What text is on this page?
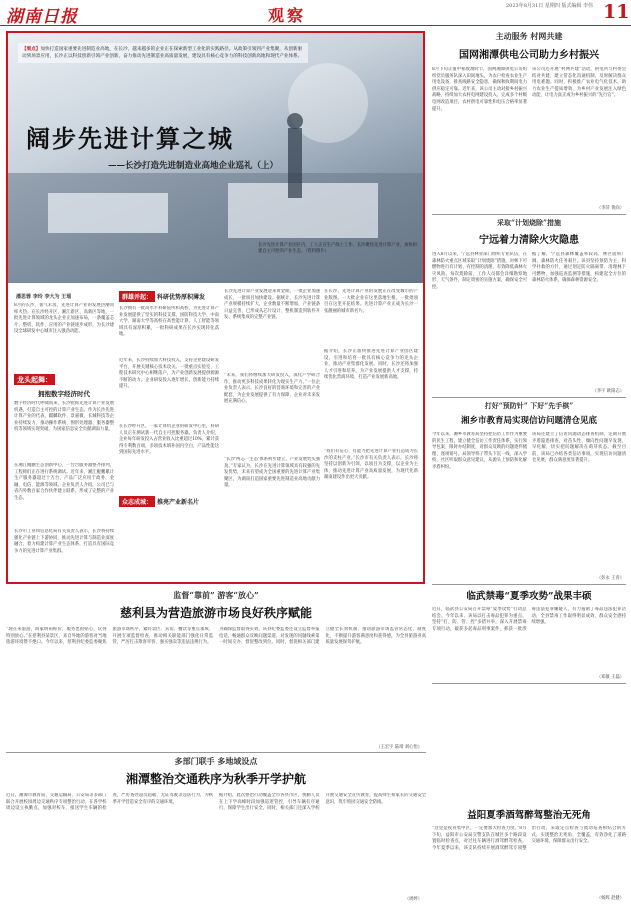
湖南日报	观察	2023年8月31日 星期四 版式编辑 李伟 11
【看点】加快打造国家重要先进制造业高地，在长沙，越来越多的企业正在探索新型工业化的实践路径。从政策引领到产业集聚，从创新驱动到场景应用，长沙正以科技创新引领产业创新，奋力推动先进制造业高质量发展，建设具有核心竞争力的科技创新高地和现代产业体系。
阔步先进计算之城
——长沙打造先进制造业高地企业巡礼（上）
长沙先进计算产业园区内，工人正在生产线上工作。长沙聚焦先进计算产业，加快构建自主可控的产业生态。（资料图片）
潘思蓉 李玲 李大为 王瑶

8月的长沙，暑气未消，先进计算产业的发展热潮同样火热。在长沙经开区、湘江新区、高新区等地，一批先进计算领域的龙头企业正加速布局，一条覆盖芯片、整机、软件、应用的产业链逐步成形，为长沙建设全球研发中心城市注入强劲动能。

龙头起舞：
拥抱数字经济时代

数字经济时代呼啸而来，长沙抢抓先进计算产业发展机遇，打造自主可控的计算产业生态。作为长沙先进计算产业的代表，麒麟软件、景嘉微、长城科技等企业持续发力，推动操作系统、图形处理器、服务器整机等领域实现突破，为国家信息安全贡献湖南力量。

在湘江鲲鹏生态创新中心，一台台服务器整齐排列，工程师们正在进行系统调试。近年来，湘江鲲鹏累计生产服务器超过十万台，产品广泛应用于政务、金融、电信、能源等领域。企业负责人介绍，公司已与省内外数百家合作伙伴建立联系，形成了完整的产业生态。

长沙市工业和信息化局有关负责人表示，长沙将持续强化产业链上下游协同，推动先进计算与制造业深度融合，着力构建计算产业生态体系，打造具有国际竞争力的先进计算产业集群。

群雄并起： 科研优势厚积薄发

长沙拥有一批高水平科研院所和高校，为先进计算产业发展提供了坚实的科技支撑。国防科技大学、中南大学、湖南大学等高校在高性能计算、人工智能等领域具有深厚积累，一批科研成果在长沙实现转化落地。

近年来，长沙持续加大科技投入，支持企业建设研发平台，开展关键核心技术攻关。一批重点实验室、工程技术研究中心相继落户，为产业创新发展提供源源不断的动力。企业研发投入逐年增长，创新能力持续提升。

在长沙经开区，一家计算机企业的研发中心里，科研人员正在测试新一代自主可控服务器。负责人介绍，企业每年研发投入占营业收入比重超过10%，累计获得专利数百项，多项技术填补国内空白，产品性能达到国际先进水平。

众志成城： 推亮产业新名片

长沙先进计算产业发展迎来黄金期，一批企业加速成长，一批项目加快建设。据统计，长沙先进计算产业规模持续扩大，企业数量不断增加，产业链条日益完善，已形成从芯片设计、整机制造到软件开发、系统集成的完整产业链。

“未来，我们将继续加大研发投入，深化产学研合作，推动更多科技成果转化为现实生产力。”一位企业负责人表示，长沙良好的营商环境和完善的产业配套，为企业发展提供了有力保障，企业对未来发展充满信心。

“长沙‘两芯一生态’体系初步建立，产业发展势头强劲。”专家认为，长沙在先进计算领域具有较强的先发优势，未来有望成为全国重要的先进计算产业集聚区，为湖南打造国家重要先进制造业高地贡献力量。

在长沙，先进计算产业的发展正在改变城市的产业版图。一大批企业在这里落地生根，一批批项目在这里开花结果。先进计算产业正成为长沙一张靓丽的城市新名片。

据介绍，长沙正加快推进先进计算产业园区建设，引进和培育一批具有核心竞争力的龙头企业，推动产业集群化发展。同时，长沙还将加强人才引进和培养，为产业发展提供人才支撑，持续优化营商环境，打造产业发展新高地。

“我们有信心、有能力把先进计算产业打造成为长沙的支柱产业。”长沙市有关负责人表示，长沙将坚持以创新为引领，以项目为支撑，以企业为主体，推动先进计算产业高质量发展，为现代化新湖南建设作出更大贡献。

主动服务 村网共建
国网湘潭供电公司助力乡村振兴

8月下旬正值中稻收割时节，国网湘潭供电公司组织党员服务队深入田间地头，为农户检查农业生产用电设备，排查线路安全隐患，确保秋收期间电力供应稳定可靠。近年来，该公司主动对接乡村振兴战略，持续加大农村电网建设投入，完成多个村级电网改造项目，农村供电可靠性和电压合格率显著提升。

该公司还开展“村网共建”活动，供电所与村委会结对共建，建立常态化沟通机制，及时解决群众用电难题。同时，积极推广农业电气化技术，助力农业生产提质增效，为乡村产业发展注入绿色动能，让电力真正成为乡村振兴的“先行官”。

（李萍 黄尚）
采取“计划烧除”措施
宁远着力清除火灾隐患

进入8月以来，宁远县林业部门组织专业队伍，在森林防火重点区域采取“计划烧除”措施，对林下可燃物进行有计划、有控制的清理，有效降低森林火灾风险。每次烧除前，工作人员都会详细勘察地形、天气条件，制定周密的实施方案，确保安全可控。

据了解，宁远县森林覆盖率较高，林区面积广阔，森林防火任务艰巨。该县坚持预防为主、科学扑救的方针，通过划定防火隔离带、清理林下可燃物、加强巡查监测等措施，构建起全方位的森林防火体系，确保森林资源安全。

（李宇 欧阳志）
打好“预防针” 下好“先手棋”
湘乡市教育局实现信访问题清仓见底

今年以来，湘乡市教育局坚持把信访工作作为重要的民生工程，建立健全信访工作责任体系，实行领导包案、限时办结制度，对群众反映的问题逐件梳理、逐项销号。局领导班子带头下沉一线，深入学校、社区听取群众意见建议，从源头上预防和化解矛盾纠纷。

该局还建立了信访问题动态排查机制，定期开展矛盾隐患排查，对苗头性、倾向性问题早发现、早化解，切实把问题解决在萌芽状态。截至目前，该局已办结各类信访事项，实现信访问题清仓见底，群众满意度显著提升。

（彭永 王青）
临武禁毒“夏季攻势”战果丰硕

近日，临武县公安局召开禁毒“夏季攻势”行动总结会。今年以来，该局以打击毒品犯罪为重点，坚持“打、防、管、控”多措并举，深入开展禁毒专项行动，破获多起毒品刑事案件，抓获一批涉毒违法犯罪嫌疑人，有力遏制了毒品违法犯罪活动，全县禁毒工作取得明显成效，群众安全感持续增强。

（邓敏 王磊）
益阳夏季酒驾醉驾整治无死角

“这里是夜宵集中区，一定要加大检查力度。”8月下旬，益阳市公安局交警支队在城区多个路段设置临时检查点，对过往车辆进行酒驾醉驾检查。今年夏季以来，该支队持续开展酒驾醉驾专项整治行动，采取定点检查与流动巡查相结合的方式，实现整治无死角、全覆盖，有效净化了道路交通环境，保障群众出行安全。

（杨辉 赵健）
监督“靠前” 游客“放心”
慈利县为营造旅游市场良好秩序赋能

“现在来旅游，商家明码标价，服务也很贴心，玩得特别放心。”在慈利县某景区，来自外地的游客对当地旅游环境赞不绝口。今年以来，慈利县纪委监委聚焦旅游市场秩序，紧盯景区、宾馆、餐饮等重点领域，开展专项监督检查，推动相关职能部门强化日常监管，严厉打击欺客宰客、强买强卖等违法违规行为。

为确保监督取得实效，该县纪委监委还设立监督举报电话，畅通群众反映问题渠道，对发现的问题线索第一时间交办、督促整改到位。同时，督促相关部门建立健全长效机制，推动旅游市场监管常态化、制度化，不断提升游客满意度和获得感，为全县旅游业高质量发展保驾护航。

（王宏宇 陆靖 刘心怡）
多部门联手 多地域设点
湘潭整治交通秩序为秋季开学护航

近日，湘潭市教育局、交通运输局、公安局等多部门联合开展校园周边交通秩序专项整治行动，在各学校周边设立执勤点，加强对校车、接送学生车辆的检查，严厉查处超员超载、无证驾驶等违法行为，为秋季开学营造安全有序的交通环境。

据介绍，此次整治行动覆盖全市各县市区，执勤人员在上下学高峰时段加强巡逻管控，引导车辆有序通行，保障学生出行安全。同时，相关部门还深入学校开展交通安全宣传教育，提高师生和家长的交通安全意识，筑牢校园交通安全防线。

（周婷）
